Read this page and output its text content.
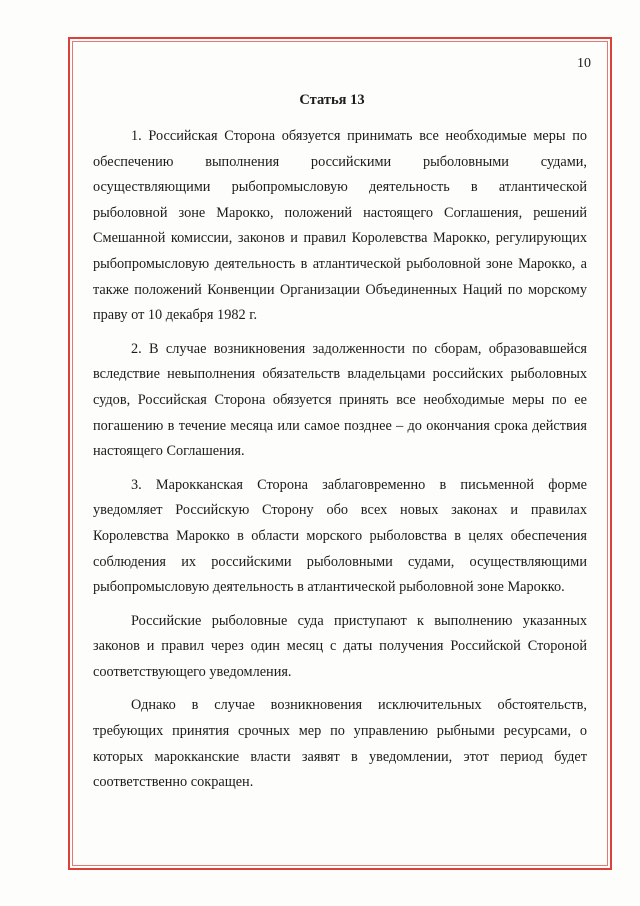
10
Статья 13

1. Российская Сторона обязуется принимать все необходимые меры по обеспечению выполнения российскими рыболовными судами, осуществляющими рыбопромысловую деятельность в атлантической рыболовной зоне Марокко, положений настоящего Соглашения, решений Смешанной комиссии, законов и правил Королевства Марокко, регулирующих рыбопромысловую деятельность в атлантической рыболовной зоне Марокко, а также положений Конвенции Организации Объединенных Наций по морскому праву от 10 декабря 1982 г.

2. В случае возникновения задолженности по сборам, образовавшейся вследствие невыполнения обязательств владельцами российских рыболовных судов, Российская Сторона обязуется принять все необходимые меры по ее погашению в течение месяца или самое позднее – до окончания срока действия настоящего Соглашения.

3. Марокканская Сторона заблаговременно в письменной форме уведомляет Российскую Сторону обо всех новых законах и правилах Королевства Марокко в области морского рыболовства в целях обеспечения соблюдения их российскими рыболовными судами, осуществляющими рыбопромысловую деятельность в атлантической рыболовной зоне Марокко.

Российские рыболовные суда приступают к выполнению указанных законов и правил через один месяц с даты получения Российской Стороной соответствующего уведомления.

Однако в случае возникновения исключительных обстоятельств, требующих принятия срочных мер по управлению рыбными ресурсами, о которых марокканские власти заявят в уведомлении, этот период будет соответственно сокращен.
